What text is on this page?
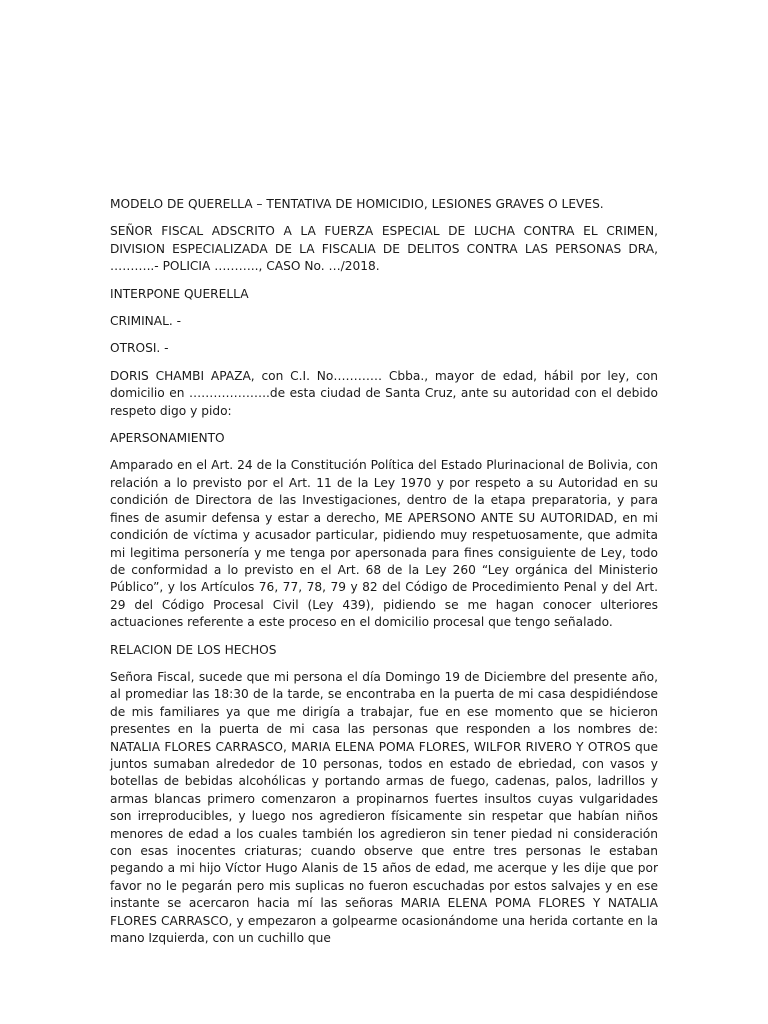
MODELO DE QUERELLA – TENTATIVA DE HOMICIDIO, LESIONES GRAVES O LEVES.

SEÑOR FISCAL ADSCRITO A LA FUERZA ESPECIAL DE LUCHA CONTRA EL CRIMEN, DIVISION ESPECIALIZADA DE LA FISCALIA DE DELITOS CONTRA LAS PERSONAS DRA, ………..- POLICIA ……….., CASO No. …/2018.

INTERPONE QUERELLA

CRIMINAL. -

OTROSI. -

DORIS CHAMBI APAZA, con C.I. No………… Cbba., mayor de edad, hábil por ley, con domicilio en ………………..de esta ciudad de Santa Cruz, ante su autoridad con el debido respeto digo y pido:

APERSONAMIENTO

Amparado en el Art. 24 de la Constitución Política del Estado Plurinacional de Bolivia, con relación a lo previsto por el Art. 11 de la Ley 1970 y por respeto a su Autoridad en su condición de Directora de las Investigaciones, dentro de la etapa preparatoria, y para fines de asumir defensa y estar a derecho, ME APERSONO ANTE SU AUTORIDAD, en mi condición de víctima y acusador particular, pidiendo muy respetuosamente, que admita mi legitima personería y me tenga por apersonada para fines consiguiente de Ley, todo de conformidad a lo previsto en el Art. 68 de la Ley 260 “Ley orgánica del Ministerio Público”, y los Artículos 76, 77, 78, 79 y 82 del Código de Procedimiento Penal y del Art. 29 del Código Procesal Civil (Ley 439), pidiendo se me hagan conocer ulteriores actuaciones referente a este proceso en el domicilio procesal que tengo señalado.

RELACION DE LOS HECHOS

Señora Fiscal, sucede que mi persona el día Domingo 19 de Diciembre del presente año, al promediar las 18:30 de la tarde, se encontraba en la puerta de mi casa despidiéndose de mis familiares ya que me dirigía a trabajar, fue en ese momento que se hicieron presentes en la puerta de mi casa las personas que responden a los nombres de: NATALIA FLORES CARRASCO, MARIA ELENA POMA FLORES, WILFOR RIVERO Y OTROS que juntos sumaban alrededor de 10 personas, todos en estado de ebriedad, con vasos y botellas de bebidas alcohólicas y portando armas de fuego, cadenas, palos, ladrillos y armas blancas primero comenzaron a propinarnos fuertes insultos cuyas vulgaridades son irreproducibles, y luego nos agredieron físicamente sin respetar que habían niños menores de edad a los cuales también los agredieron sin tener piedad ni consideración con esas inocentes criaturas; cuando observe que entre tres personas le estaban pegando a mi hijo Víctor Hugo Alanis de 15 años de edad, me acerque y les dije que por favor no le pegarán pero mis suplicas no fueron escuchadas por estos salvajes y en ese instante se acercaron hacia mí las señoras MARIA ELENA POMA FLORES Y NATALIA FLORES CARRASCO, y empezaron a golpearme ocasionándome una herida cortante en la mano Izquierda, con un cuchillo que
